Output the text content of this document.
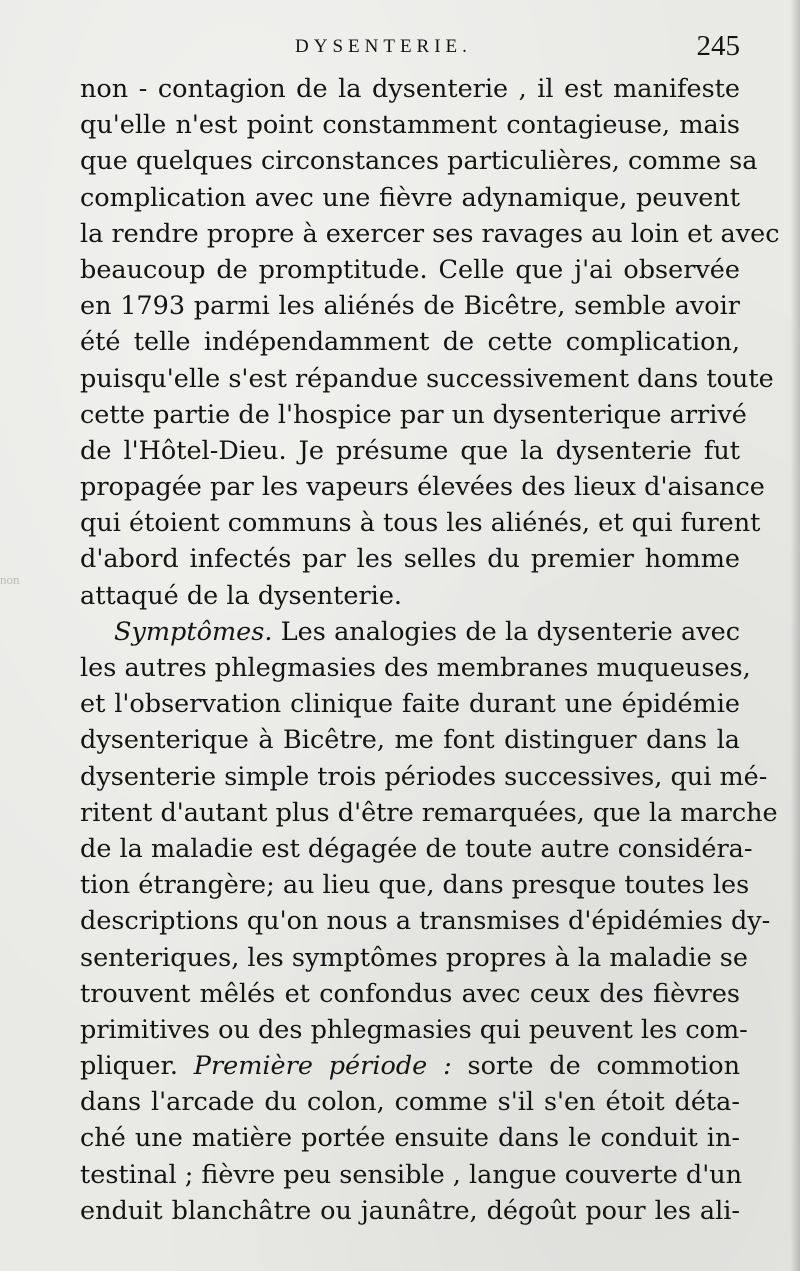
non
DYSENTERIE.	245
non - contagion de la dysenterie , il est manifeste
qu'elle n'est point constamment contagieuse, mais
que quelques circonstances particulières, comme sa
complication avec une fièvre adynamique, peuvent
la rendre propre à exercer ses ravages au loin et avec
beaucoup de promptitude. Celle que j'ai observée
en 1793 parmi les aliénés de Bicêtre, semble avoir
été telle indépendamment de cette complication,
puisqu'elle s'est répandue successivement dans toute
cette partie de l'hospice par un dysenterique arrivé
de l'Hôtel-Dieu. Je présume que la dysenterie fut
propagée par les vapeurs élevées des lieux d'aisance
qui étoient communs à tous les aliénés, et qui furent
d'abord infectés par les selles du premier homme
attaqué de la dysenterie.
Symptômes. Les analogies de la dysenterie avec
les autres phlegmasies des membranes muqueuses,
et l'observation clinique faite durant une épidémie
dysenterique à Bicêtre, me font distinguer dans la
dysenterie simple trois périodes successives, qui mé-
ritent d'autant plus d'être remarquées, que la marche
de la maladie est dégagée de toute autre considéra-
tion étrangère; au lieu que, dans presque toutes les
descriptions qu'on nous a transmises d'épidémies dy-
senteriques, les symptômes propres à la maladie se
trouvent mêlés et confondus avec ceux des fièvres
primitives ou des phlegmasies qui peuvent les com-
pliquer. Première période : sorte de commotion
dans l'arcade du colon, comme s'il s'en étoit déta-
ché une matière portée ensuite dans le conduit in-
testinal ; fièvre peu sensible , langue couverte d'un
enduit blanchâtre ou jaunâtre, dégoût pour les ali-
